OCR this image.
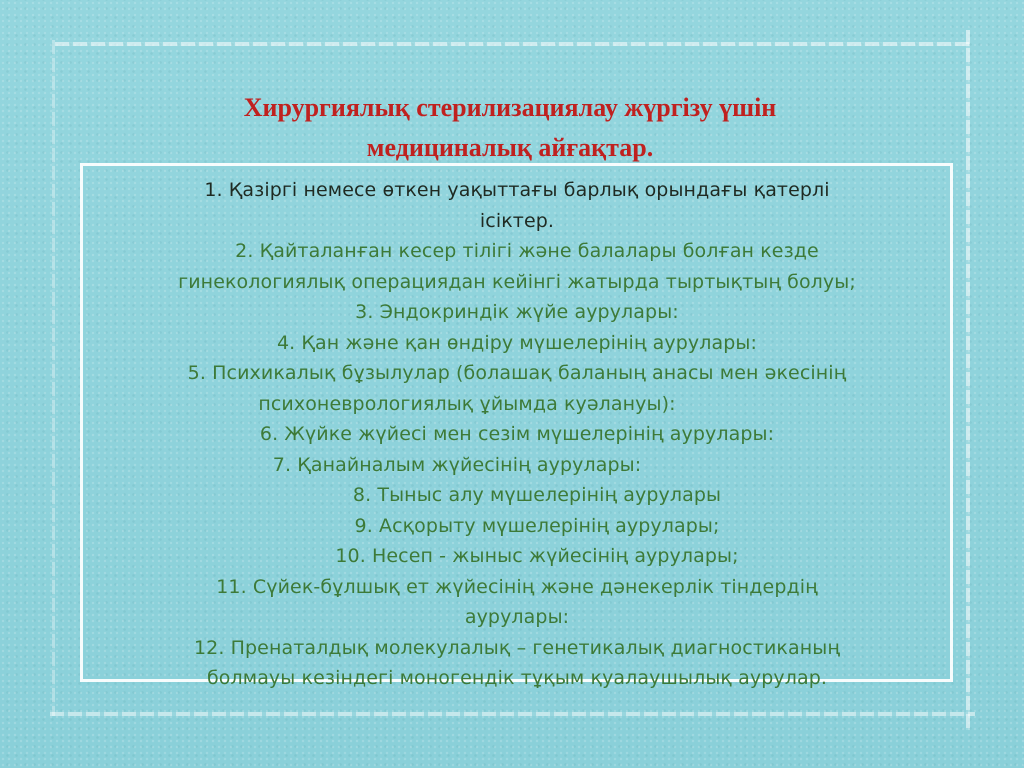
Хирургиялық стерилизациялау жүргізу үшін
медициналық айғақтар.
1. Қазіргі немесе өткен уақыттағы барлық орындағы қатерлі
ісіктер.
2. Қайталанған кесер тілігі және балалары болған кезде
гинекологиялық операциядан кейінгі жатырда тыртықтың болуы;
3. Эндокриндік жүйе аурулары:
4. Қан және қан өндіру мүшелерінің аурулары:
5. Психикалық бұзылулар (болашақ баланың анасы мен әкесінің
психоневрологиялық ұйымда куәлануы):
6. Жүйке жүйесі мен сезім мүшелерінің аурулары:
7. Қанайналым жүйесінің аурулары:
8. Тыныс алу мүшелерінің аурулары
9. Асқорыту мүшелерінің аурулары;
10. Несеп - жыныс жүйесінің аурулары;
11. Сүйек-бұлшық ет жүйесінің және дәнекерлік тіндердің
аурулары:
12. Пренаталдық молекулалық – генетикалық диагностиканың
болмауы кезіндегі моногендік тұқым қуалаушылық аурулар.
